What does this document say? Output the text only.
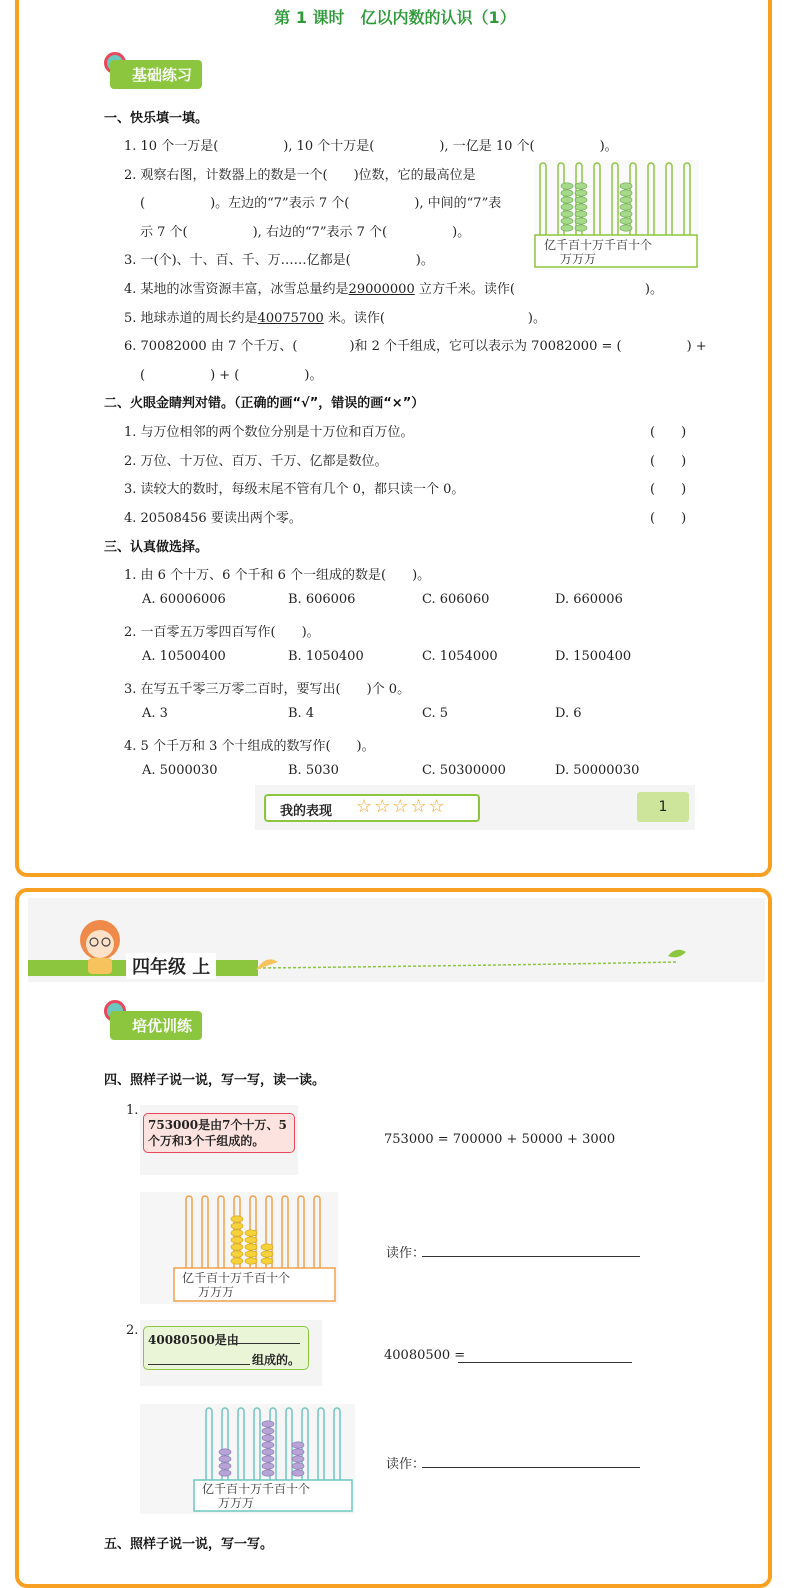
第 1 课时　亿以内数的认识（1）
基础练习
一、快乐填一填。
1. 10 个一万是(　　　　　), 10 个十万是(　　　　　), 一亿是 10 个(　　　　　)。
2. 观察右图，计数器上的数是一个(　　)位数，它的最高位是
(　　　　　)。左边的“7”表示 7 个(　　　　　), 中间的“7”表
示 7 个(　　　　　), 右边的“7”表示 7 个(　　　　　)。
3. 一(个)、十、百、千、万……亿都是(　　　　　)。
4. 某地的冰雪资源丰富，冰雪总量约是29000000 立方千米。读作(　　　　　　　　　　)。
5. 地球赤道的周长约是40075700 米。读作(　　　　　　　　　　　)。
6. 70082000 由 7 个千万、(　　　　)和 2 个千组成，它可以表示为 70082000 = (　　　　　) +
(　　　　　) + (　　　　　)。
亿千百十万千百十个
万万万
二、火眼金睛判对错。（正确的画“√”，错误的画“×”）
1. 与万位相邻的两个数位分别是十万位和百万位。	(　　)
2. 万位、十万位、百万、千万、亿都是数位。	(　　)
3. 读较大的数时，每级末尾不管有几个 0，都只读一个 0。	(　　)
4. 20508456 要读出两个零。	(　　)
三、认真做选择。
1. 由 6 个十万、6 个千和 6 个一组成的数是(　　)。
A. 60006006	B. 606006	C. 606060	D. 660006
2. 一百零五万零四百写作(　　)。
A. 10500400	B. 1050400	C. 1054000	D. 1500400
3. 在写五千零三万零二百时，要写出(　　)个 0。
A. 3	B. 4	C. 5	D. 6
4. 5 个千万和 3 个十组成的数写作(　　)。
A. 5000030	B. 5030	C. 50300000	D. 50000030
我的表现 ☆☆☆☆☆	1
四年级 上
培优训练
四、照样子说一说，写一写，读一读。
1.
753000是由7个十万、5个万和3个千组成的。	753000 = 700000 + 50000 + 3000
亿千百十万千百十个
万万万
读作：
2.
40080500是由
组成的。	40080500 =
亿千百十万千百十个
万万万
读作：
五、照样子说一说，写一写。
